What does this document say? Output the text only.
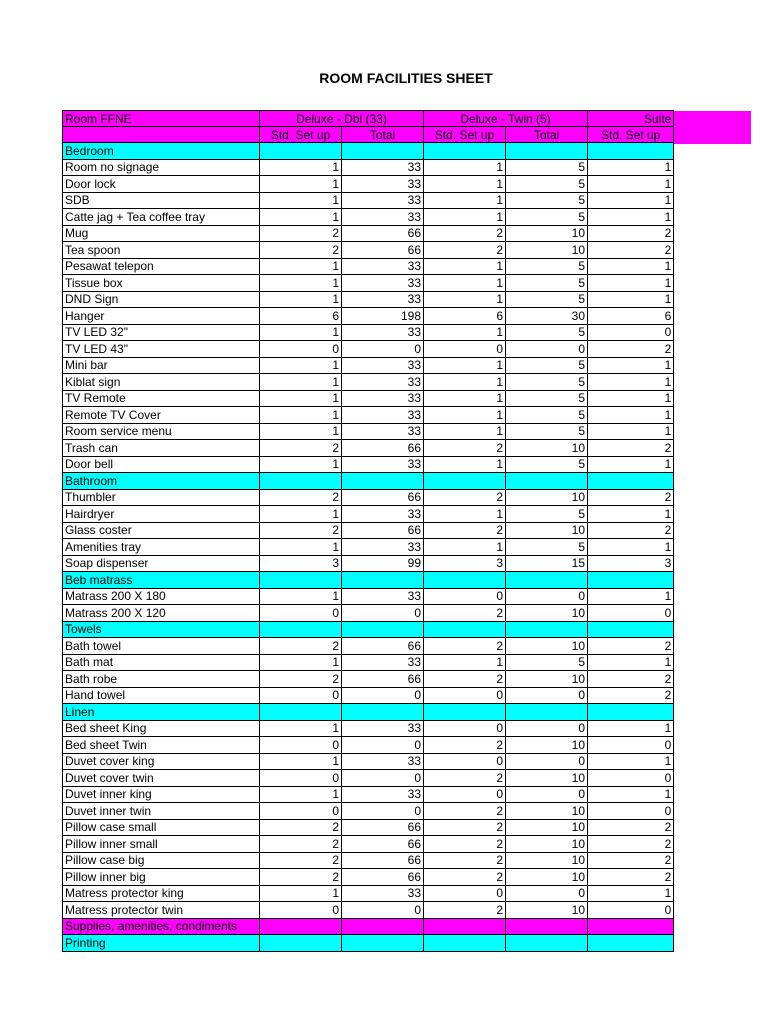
ROOM FACILITIES SHEET
Room FFNE	Deluxe - Dbl (33)		Deluxe - Twin (5)		Suite
	Std. Set up	Total	Std. Set up	Total	Std. Set up
Bedroom					
Room no signage	1	33	1	5	1
Door lock	1	33	1	5	1
SDB	1	33	1	5	1
Catte jag + Tea coffee tray	1	33	1	5	1
Mug	2	66	2	10	2
Tea spoon	2	66	2	10	2
Pesawat telepon	1	33	1	5	1
Tissue box	1	33	1	5	1
DND Sign	1	33	1	5	1
Hanger	6	198	6	30	6
TV LED 32"	1	33	1	5	0
TV LED 43"	0	0	0	0	2
Mini bar	1	33	1	5	1
Kiblat sign	1	33	1	5	1
TV Remote	1	33	1	5	1
Remote TV Cover	1	33	1	5	1
Room service menu	1	33	1	5	1
Trash can	2	66	2	10	2
Door bell	1	33	1	5	1
Bathroom					
Thumbler	2	66	2	10	2
Hairdryer	1	33	1	5	1
Glass coster	2	66	2	10	2
Amenities tray	1	33	1	5	1
Soap dispenser	3	99	3	15	3
Beb matrass					
Matrass 200 X 180	1	33	0	0	1
Matrass 200 X 120	0	0	2	10	0
Towels					
Bath towel	2	66	2	10	2
Bath mat	1	33	1	5	1
Bath robe	2	66	2	10	2
Hand towel	0	0	0	0	2
Linen					
Bed sheet King	1	33	0	0	1
Bed sheet Twin	0	0	2	10	0
Duvet cover king	1	33	0	0	1
Duvet cover twin	0	0	2	10	0
Duvet inner king	1	33	0	0	1
Duvet inner twin	0	0	2	10	0
Pillow case small	2	66	2	10	2
Pillow inner small	2	66	2	10	2
Pillow case big	2	66	2	10	2
Pillow inner big	2	66	2	10	2
Matress protector king	1	33	0	0	1
Matress protector twin	0	0	2	10	0
Supplies, amenities, condiments					
Printing					
